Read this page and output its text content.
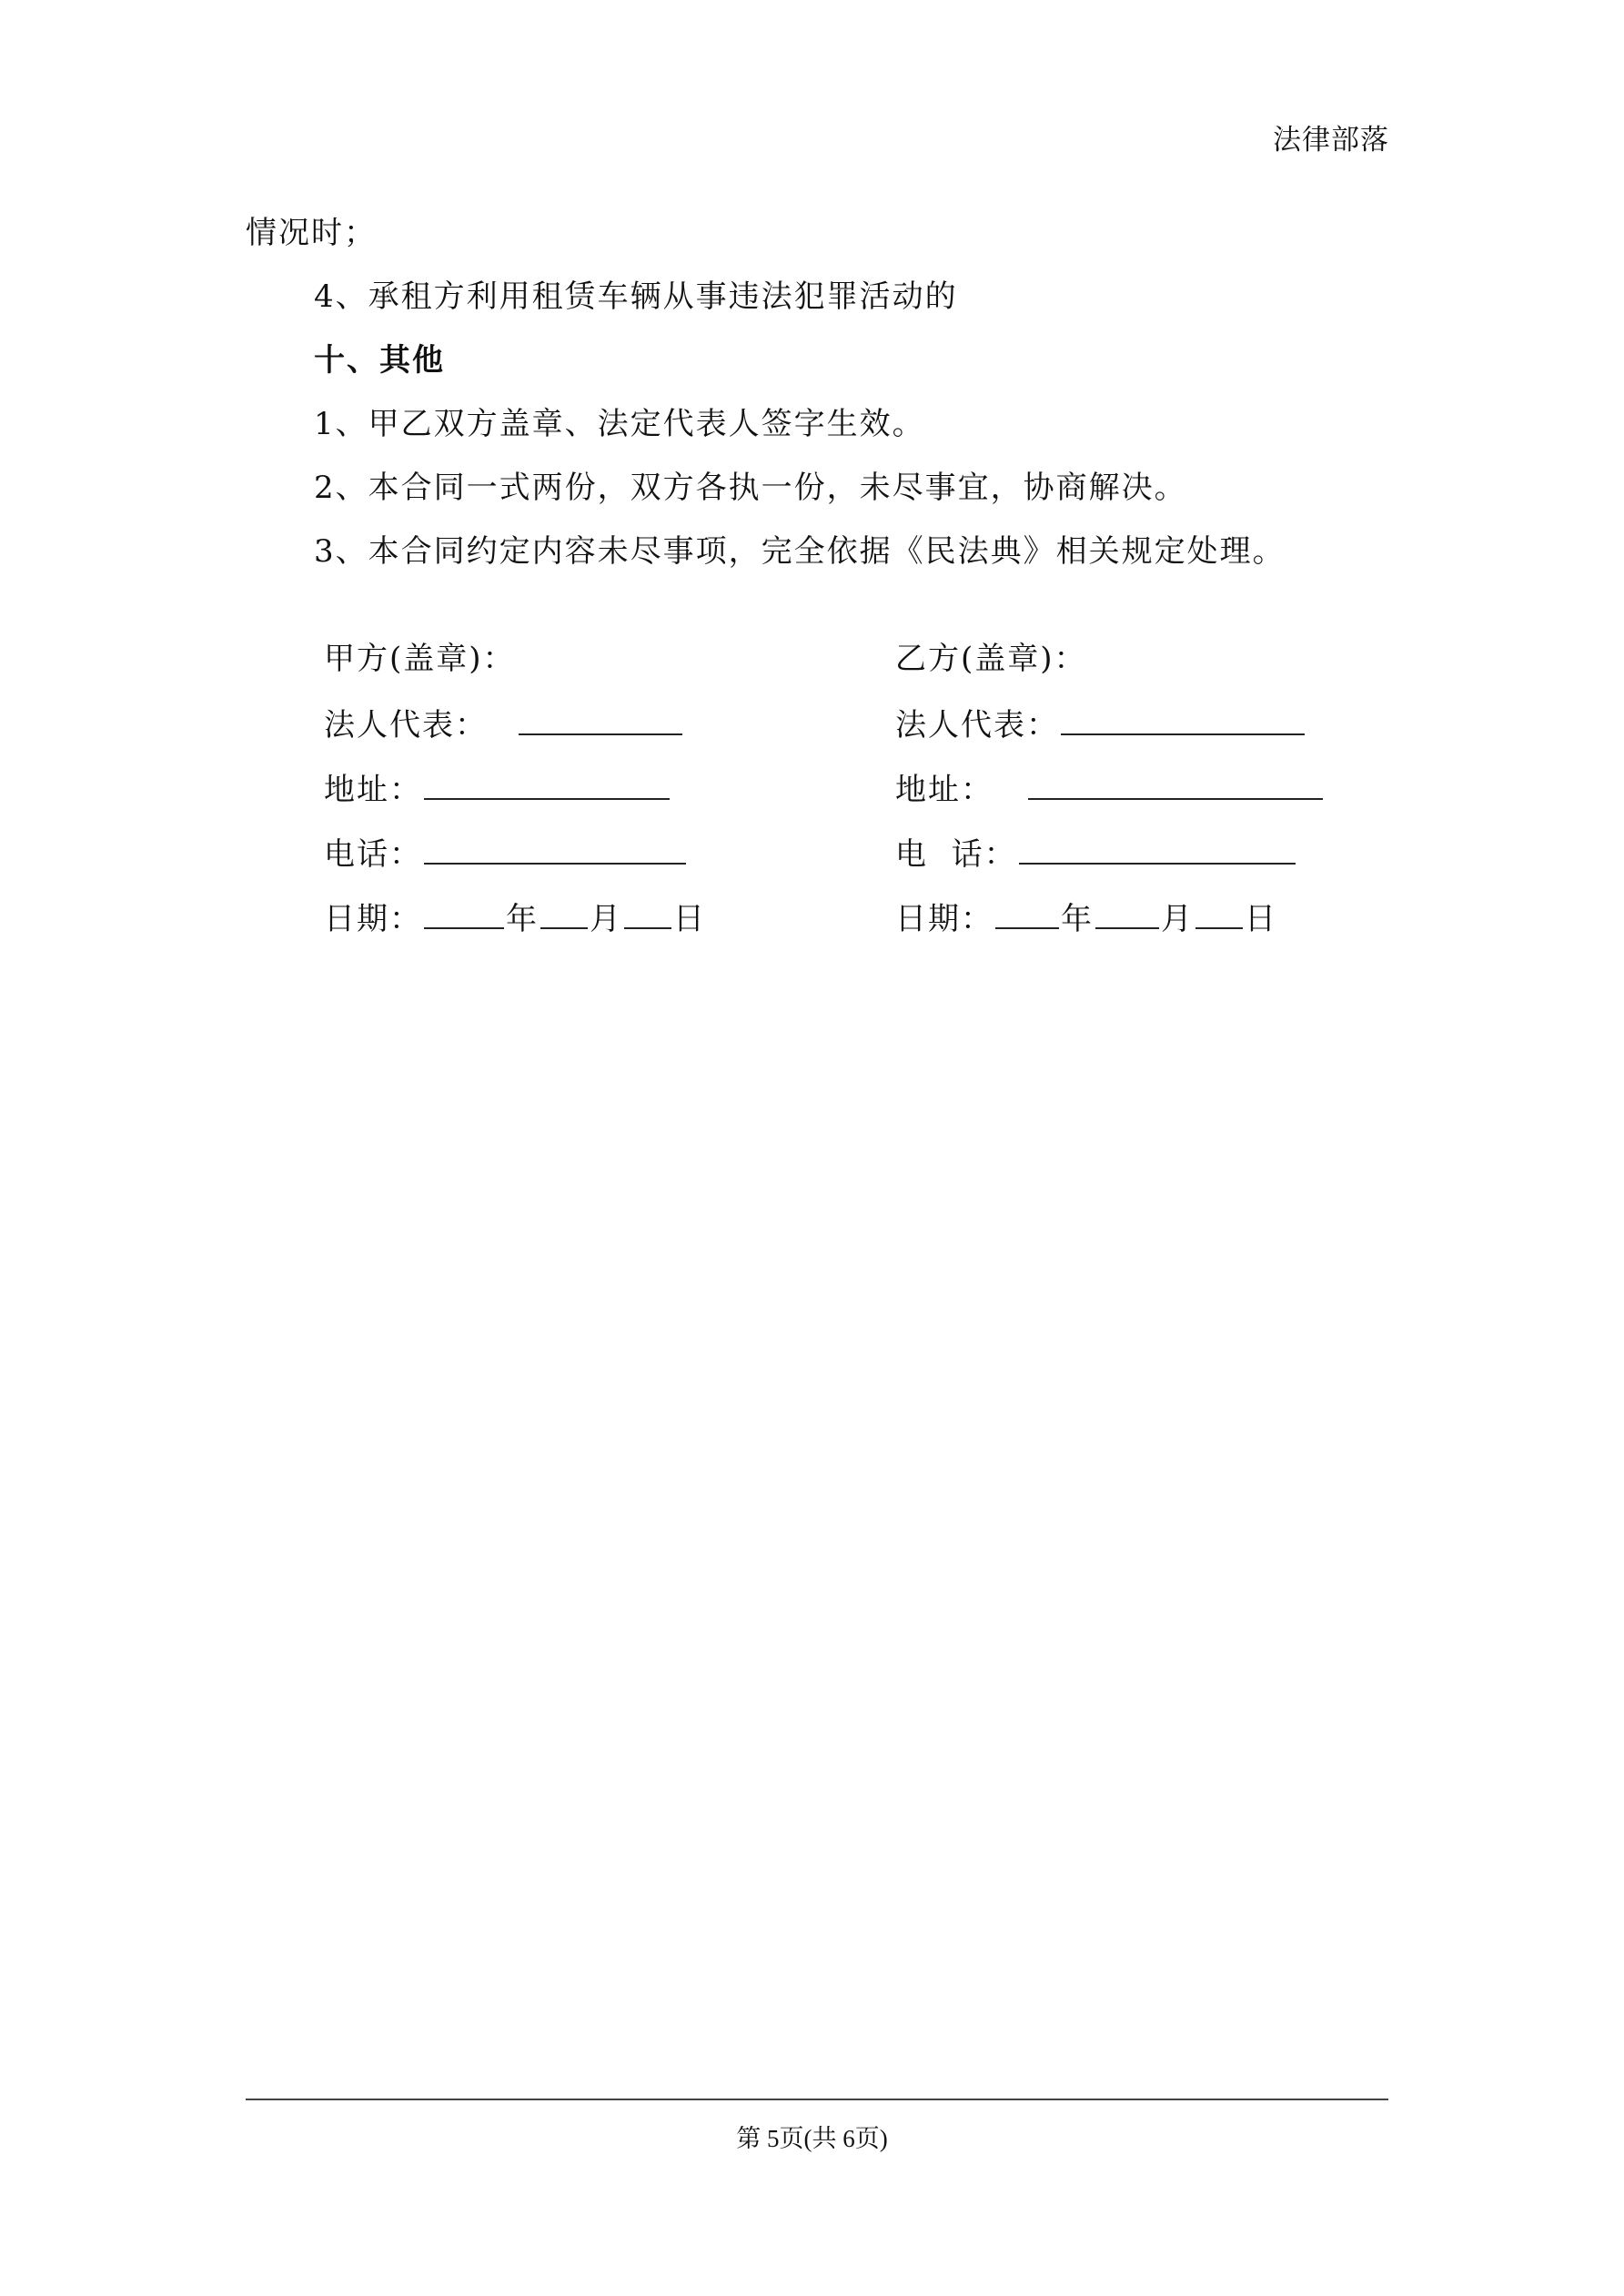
法律部落
情况时；
4、承租方利用租赁车辆从事违法犯罪活动的
十、其他
1、甲乙双方盖章、法定代表人签字生效。
2、本合同一式两份，双方各执一份，未尽事宜，协商解决。
3、本合同约定内容未尽事项，完全依据《民法典》相关规定处理。
甲方(盖章)：
法人代表：
地址：
电话：
日期：	年 月 日
乙方(盖章)：
法人代表：
地址：
电  话：
日期： 年 月 日
第 5页(共 6页)
